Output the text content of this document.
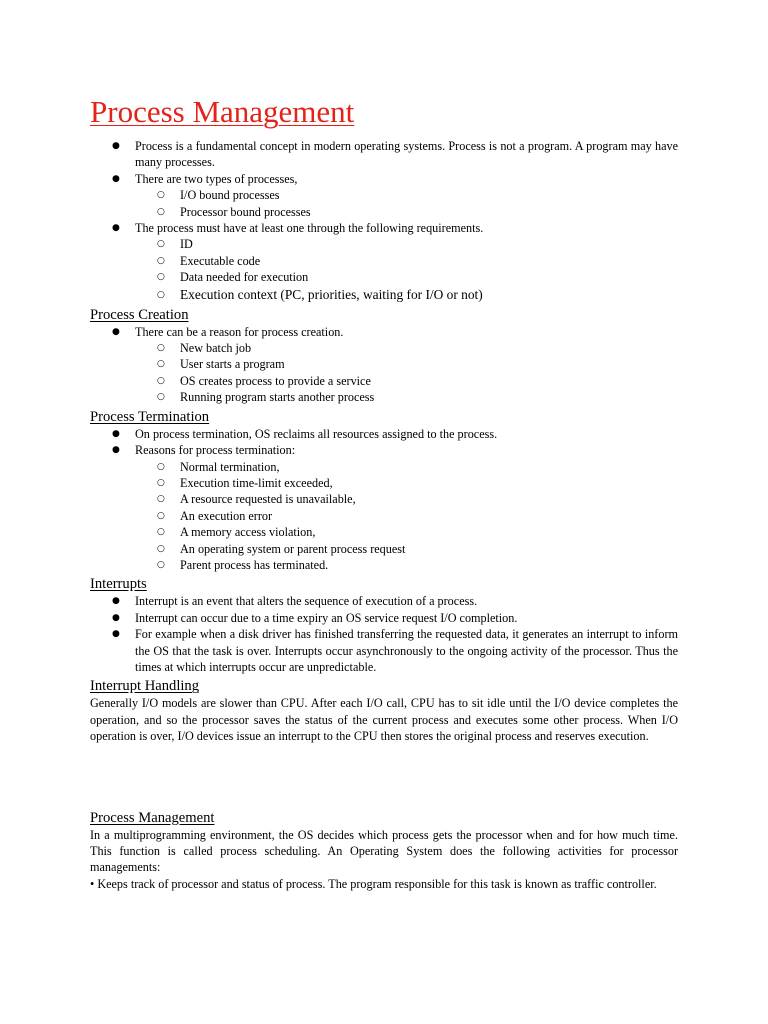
Process Management
● Process is a fundamental concept in modern operating systems. Process is not a program. A program may have many processes.
● There are two types of processes,
○ I/O bound processes
○ Processor bound processes
● The process must have at least one through the following requirements.
○ ID
○ Executable code
○ Data needed for execution
○ Execution context (PC, priorities, waiting for I/O or not)
Process Creation
● There can be a reason for process creation.
○ New batch job
○ User starts a program
○ OS creates process to provide a service
○ Running program starts another process
Process Termination
● On process termination, OS reclaims all resources assigned to the process.
● Reasons for process termination:
○ Normal termination,
○ Execution time-limit exceeded,
○ A resource requested is unavailable,
○ An execution error
○ A memory access violation,
○ An operating system or parent process request
○ Parent process has terminated.
Interrupts
● Interrupt is an event that alters the sequence of execution of a process.
● Interrupt can occur due to a time expiry an OS service request I/O completion.
● For example when a disk driver has finished transferring the requested data, it generates an interrupt to inform the OS that the task is over. Interrupts occur asynchronously to the ongoing activity of the processor. Thus the times at which interrupts occur are unpredictable.
Interrupt Handling

Generally I/O models are slower than CPU. After each I/O call, CPU has to sit idle until the I/O device completes the operation, and so the processor saves the status of the current process and executes some other process. When I/O operation is over, I/O devices issue an interrupt to the CPU then stores the original process and reserves execution.

Process Management

In a multiprogramming environment, the OS decides which process gets the processor when and for how much time. This function is called process scheduling. An Operating System does the following activities for processor managements:

• Keeps track of processor and status of process. The program responsible for this task is known as traffic controller.
